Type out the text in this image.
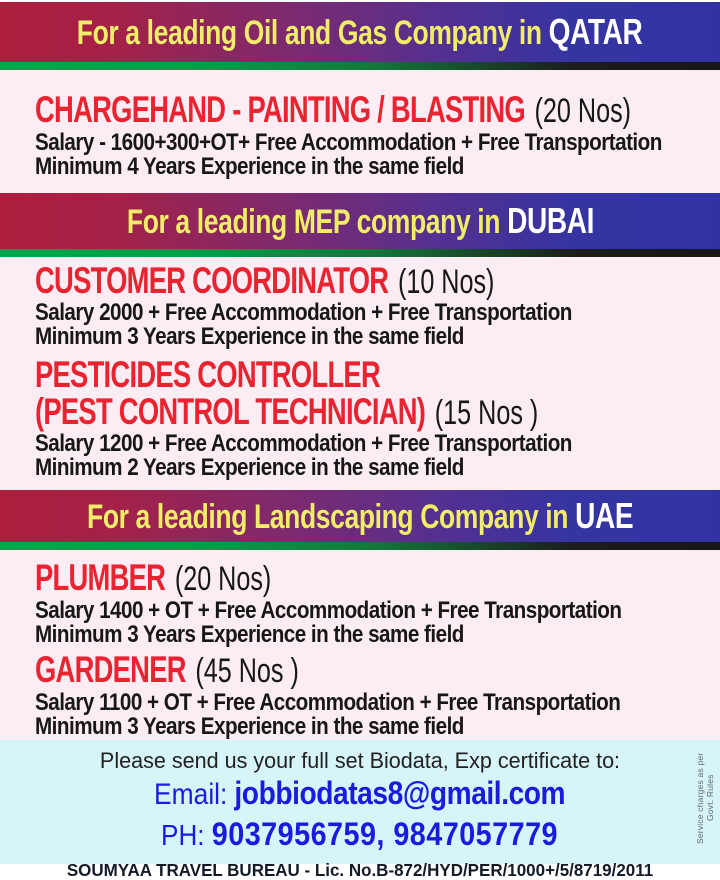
For a leading Oil and Gas Company in QATAR
CHARGEHAND - PAINTING / BLASTING (20 Nos)
Salary - 1600+300+OT+ Free Accommodation + Free Transportation
Minimum 4 Years Experience in the same field
For a leading MEP company in DUBAI
CUSTOMER COORDINATOR (10 Nos)
Salary 2000 + Free Accommodation + Free Transportation
Minimum 3 Years Experience in the same field
PESTICIDES CONTROLLER
(PEST CONTROL TECHNICIAN) (15 Nos )
Salary 1200 + Free Accommodation + Free Transportation
Minimum 2 Years Experience in the same field
For a leading Landscaping Company in UAE
PLUMBER (20 Nos)
Salary 1400 + OT + Free Accommodation + Free Transportation
Minimum 3 Years Experience in the same field
GARDENER (45 Nos )
Salary 1100 + OT + Free Accommodation + Free Transportation
Minimum 3 Years Experience in the same field
Please send us your full set Biodata, Exp certificate to:
Email: jobbiodatas8@gmail.com
PH: 9037956759, 9847057779
SOUMYAA TRAVEL BUREAU - Lic. No.B-872/HYD/PER/1000+/5/8719/2011
Service charges as per Govt. Rules
